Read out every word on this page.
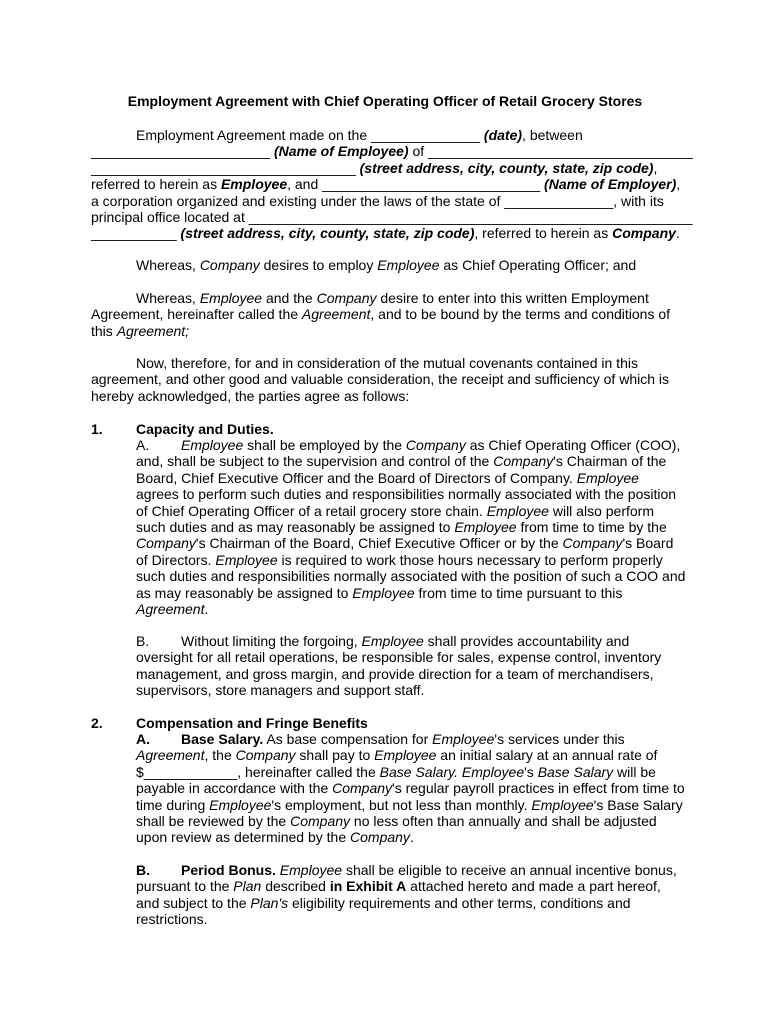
Employment Agreement with Chief Operating Officer of Retail Grocery Stores

Employment Agreement made on the ______________ (date), between
_______________________ (Name of Employee) of __________________________________
__________________________________ (street address, city, county, state, zip code),
referred to herein as Employee, and ____________________________ (Name of Employer),
a corporation organized and existing under the laws of the state of ______________, with its
principal office located at _________________________________________________________
___________ (street address, city, county, state, zip code), referred to herein as Company.
Whereas, Company desires to employ Employee as Chief Operating Officer; and
Whereas, Employee and the Company desire to enter into this written Employment
Agreement, hereinafter called the Agreement, and to be bound by the terms and conditions of
this Agreement;
Now, therefore, for and in consideration of the mutual covenants contained in this
agreement, and other good and valuable consideration, the receipt and sufficiency of which is
hereby acknowledged, the parties agree as follows:

1. Capacity and Duties.

A. Employee shall be employed by the Company as Chief Operating Officer (COO),
and, shall be subject to the supervision and control of the Company's Chairman of the
Board, Chief Executive Officer and the Board of Directors of Company. Employee
agrees to perform such duties and responsibilities normally associated with the position
of Chief Operating Officer of a retail grocery store chain. Employee will also perform
such duties and as may reasonably be assigned to Employee from time to time by the
Company's Chairman of the Board, Chief Executive Officer or by the Company's Board
of Directors. Employee is required to work those hours necessary to perform properly
such duties and responsibilities normally associated with the position of such a COO and
as may reasonably be assigned to Employee from time to time pursuant to this
Agreement.
B. Without limiting the forgoing, Employee shall provides accountability and
oversight for all retail operations, be responsible for sales, expense control, inventory
management, and gross margin, and provide direction for a team of merchandisers,
supervisors, store managers and support staff.

2. Compensation and Fringe Benefits

A. Base Salary. As base compensation for Employee's services under this
Agreement, the Company shall pay to Employee an initial salary at an annual rate of
$____________, hereinafter called the Base Salary. Employee's Base Salary will be
payable in accordance with the Company's regular payroll practices in effect from time to
time during Employee's employment, but not less than monthly. Employee's Base Salary
shall be reviewed by the Company no less often than annually and shall be adjusted
upon review as determined by the Company.
B. Period Bonus. Employee shall be eligible to receive an annual incentive bonus,
pursuant to the Plan described in Exhibit A attached hereto and made a part hereof,
and subject to the Plan's eligibility requirements and other terms, conditions and
restrictions.
